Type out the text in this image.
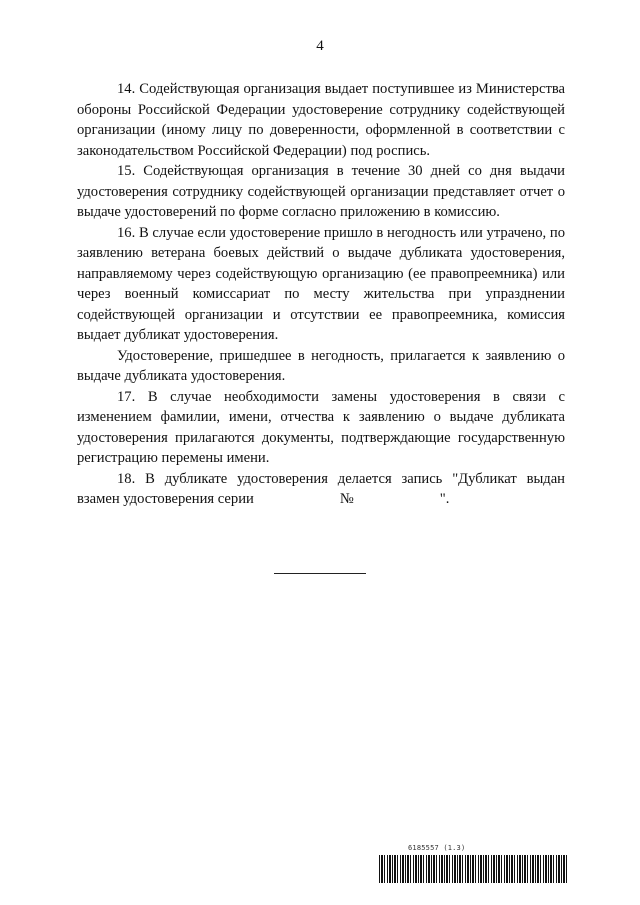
4

14. Содействующая организация выдает поступившее из Министерства обороны Российской Федерации удостоверение сотруднику содействующей организации (иному лицу по доверенности, оформленной в соответствии с законодательством Российской Федерации) под роспись.

15. Содействующая организация в течение 30 дней со дня выдачи удостоверения сотруднику содействующей организации представляет отчет о выдаче удостоверений по форме согласно приложению в комиссию.

16. В случае если удостоверение пришло в негодность или утрачено, по заявлению ветерана боевых действий о выдаче дубликата удостоверения, направляемому через содействующую организацию (ее правопреемника) или через военный комиссариат по месту жительства при упразднении содействующей организации и отсутствии ее правопреемника, комиссия выдает дубликат удостоверения.

Удостоверение, пришедшее в негодность, прилагается к заявлению о выдаче дубликата удостоверения.

17. В случае необходимости замены удостоверения в связи с изменением фамилии, имени, отчества к заявлению о выдаче дубликата удостоверения прилагаются документы, подтверждающие государственную регистрацию перемены имени.

18. В дубликате удостоверения делается запись "Дубликат выдан взамен удостоверения серии	№	".

6185557 (1.3)
